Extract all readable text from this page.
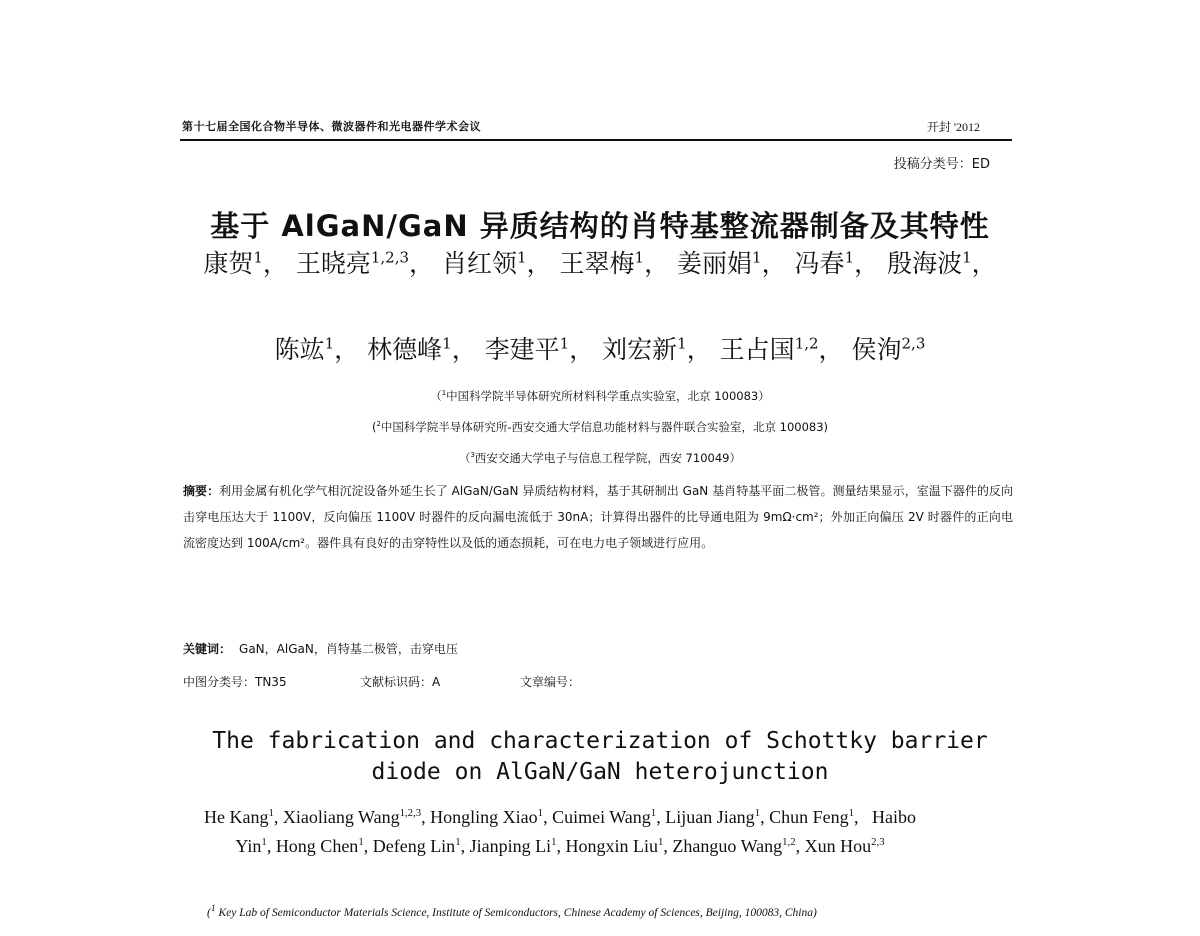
第十七届全国化合物半导体、微波器件和光电器件学术会议	开封 '2012
投稿分类号：ED
基于 AlGaN/GaN 异质结构的肖特基整流器制备及其特性
康贺$^1$， 王晓亮$^{1,2,3}$， 肖红领$^1$， 王翠梅$^1$， 姜丽娟$^1$， 冯春$^1$， 殷海波$^1$，
陈竑$^1$， 林德峰$^1$， 李建平$^1$， 刘宏新$^1$， 王占国$^{1,2}$， 侯洵$^{2,3}$
（$^1$中国科学院半导体研究所材料科学重点实验室，北京 100083）
($^2$中国科学院半导体研究所-西安交通大学信息功能材料与器件联合实验室，北京 100083)
（$^3$西安交通大学电子与信息工程学院，西安 710049）
摘要：利用金属有机化学气相沉淀设备外延生长了 AlGaN/GaN 异质结构材料，基于其研制出 GaN 基肖特基平面二极管。测量结果显示，室温下器件的反向击穿电压达大于 1100V，反向偏压 1100V 时器件的反向漏电流低于 30nA；计算得出器件的比导通电阻为 9mΩ·cm²；外加正向偏压 2V 时器件的正向电流密度达到 100A/cm²。器件具有良好的击穿特性以及低的通态损耗，可在电力电子领域进行应用。
关键词： GaN，AlGaN，肖特基二极管，击穿电压
中图分类号：TN35	文献标识码：A	文章编号：
The fabrication and characterization of Schottky barrier
diode on AlGaN/GaN heterojunction
He Kang$^1$, Xiaoliang Wang$^{1,2,3}$, Hongling Xiao$^1$, Cuimei Wang$^1$, Lijuan Jiang$^1$, Chun Feng$^1$,   Haibo Yin$^1$, Hong Chen$^1$, Defeng Lin$^1$, Jianping Li$^1$, Hongxin Liu$^1$, Zhanguo Wang$^{1,2}$, Xun Hou$^{2,3}$
($^1$ Key Lab of Semiconductor Materials Science, Institute of Semiconductors, Chinese Academy of Sciences, Beijing, 100083, China)
